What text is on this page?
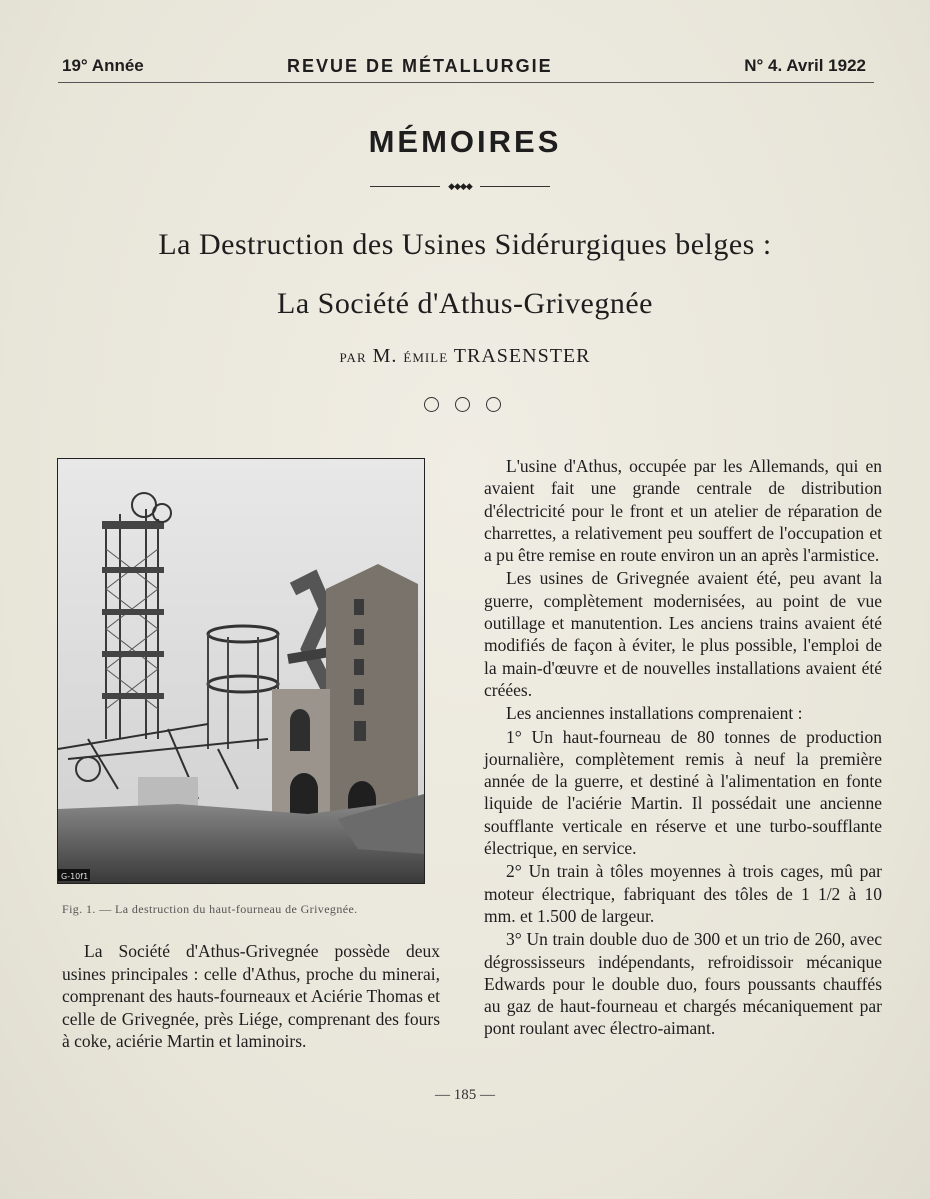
19° Année	REVUE DE MÉTALLURGIE	N° 4. Avril 1922
MÉMOIRES
◆◆◆◆
La Destruction des Usines Sidérurgiques belges :
La Société d'Athus-Grivegnée
PAR M. ÉMILE TRASENSTER
G-10f1
Fig. 1. — La destruction du haut-fourneau de Grivegnée.

La Société d'Athus-Grivegnée possède deux usines principales : celle d'Athus, proche du minerai, comprenant des hauts-fourneaux et Aciérie Thomas et celle de Grivegnée, près Liége, comprenant des fours à coke, aciérie Martin et laminoirs.

L'usine d'Athus, occupée par les Allemands, qui en avaient fait une grande centrale de distribution d'électricité pour le front et un atelier de réparation de charrettes, a relativement peu souffert de l'occupation et a pu être remise en route environ un an après l'armistice.

Les usines de Grivegnée avaient été, peu avant la guerre, complètement modernisées, au point de vue outillage et manutention. Les anciens trains avaient été modifiés de façon à éviter, le plus possible, l'emploi de la main-d'œuvre et de nouvelles installations avaient été créées.

Les anciennes installations comprenaient :

1° Un haut-fourneau de 80 tonnes de production journalière, complètement remis à neuf la première année de la guerre, et destiné à l'alimentation en fonte liquide de l'aciérie Martin. Il possédait une ancienne soufflante verticale en réserve et une turbo-soufflante électrique, en service.

2° Un train à tôles moyennes à trois cages, mû par moteur électrique, fabriquant des tôles de 1 1/2 à 10 mm. et 1.500 de largeur.

3° Un train double duo de 300 et un trio de 260, avec dégrossisseurs indépendants, refroidissoir mécanique Edwards pour le double duo, fours poussants chauffés au gaz de haut-fourneau et chargés mécaniquement par pont roulant avec électro-aimant.

— 185 —
